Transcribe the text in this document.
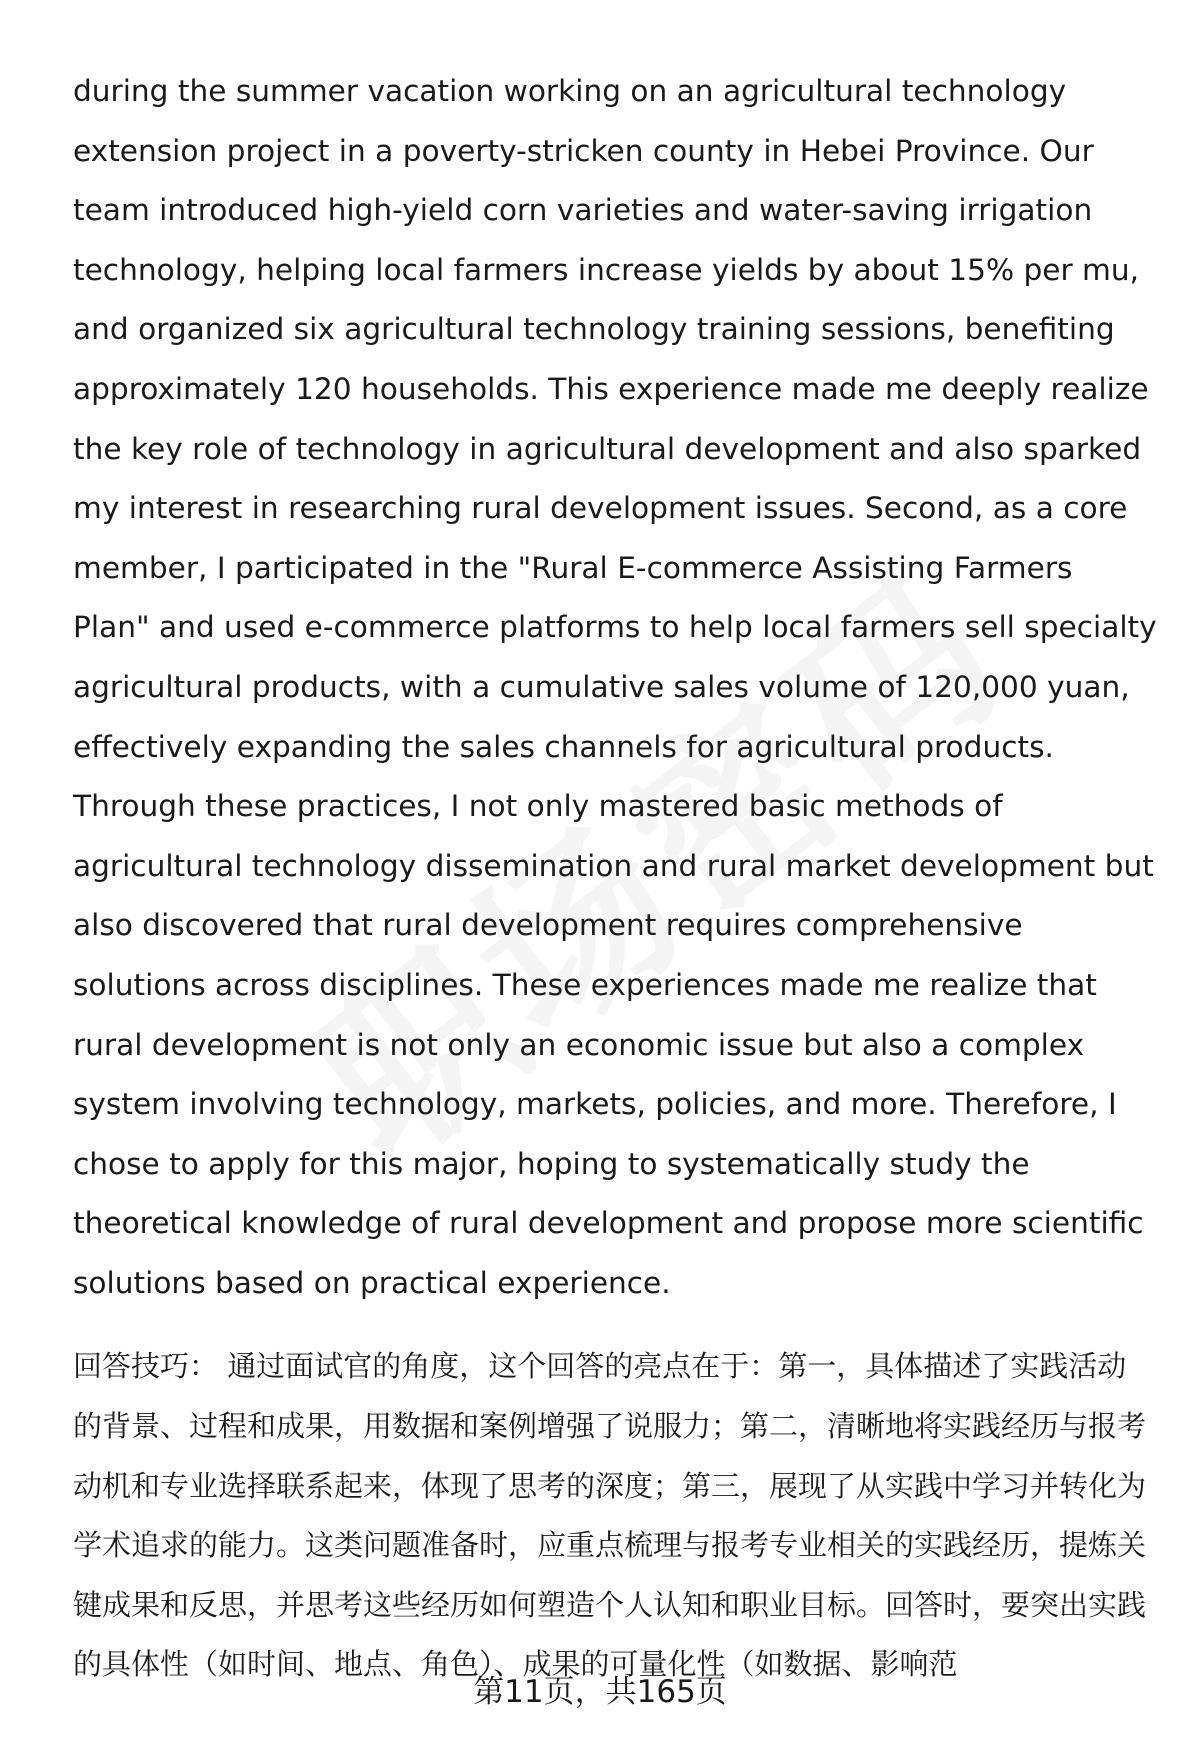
during the summer vacation working on an agricultural technology extension project in a poverty-stricken county in Hebei Province. Our team introduced high-yield corn varieties and water-saving irrigation technology, helping local farmers increase yields by about 15% per mu, and organized six agricultural technology training sessions, benefiting approximately 120 households. This experience made me deeply realize the key role of technology in agricultural development and also sparked my interest in researching rural development issues. Second, as a core member, I participated in the "Rural E-commerce Assisting Farmers Plan" and used e-commerce platforms to help local farmers sell specialty agricultural products, with a cumulative sales volume of 120,000 yuan, effectively expanding the sales channels for agricultural products. Through these practices, I not only mastered basic methods of agricultural technology dissemination and rural market development but also discovered that rural development requires comprehensive solutions across disciplines. These experiences made me realize that rural development is not only an economic issue but also a complex system involving technology, markets, policies, and more. Therefore, I chose to apply for this major, hoping to systematically study the theoretical knowledge of rural development and propose more scientific solutions based on practical experience.

回答技巧： 通过面试官的角度，这个回答的亮点在于：第一，具体描述了实践活动的背景、过程和成果，用数据和案例增强了说服力；第二，清晰地将实践经历与报考动机和专业选择联系起来，体现了思考的深度；第三，展现了从实践中学习并转化为学术追求的能力。这类问题准备时，应重点梳理与报考专业相关的实践经历，提炼关键成果和反思，并思考这些经历如何塑造个人认知和职业目标。回答时，要突出实践的具体性（如时间、地点、角色）、成果的可量化性（如数据、影响范

第11页，共165页
